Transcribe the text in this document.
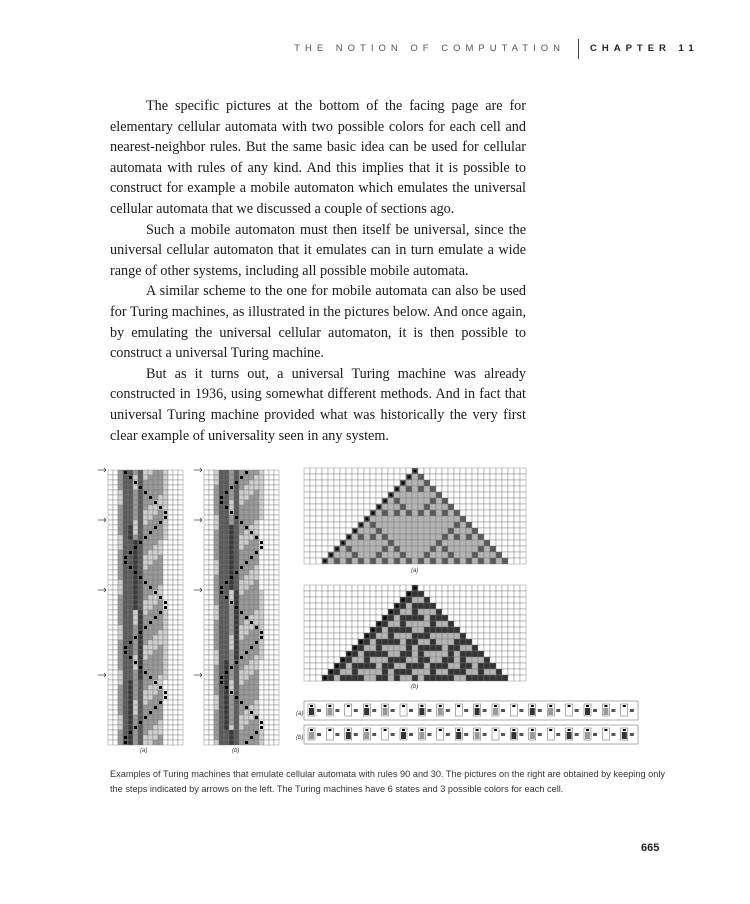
THE NOTION OF COMPUTATION	CHAPTER 11

The specific pictures at the bottom of the facing page are for elementary cellular automata with two possible colors for each cell and nearest-neighbor rules. But the same basic idea can be used for cellular automata with rules of any kind. And this implies that it is possible to construct for example a mobile automaton which emulates the universal cellular automata that we discussed a couple of sections ago.

Such a mobile automaton must then itself be universal, since the universal cellular automaton that it emulates can in turn emulate a wide range of other systems, including all possible mobile automata.

A similar scheme to the one for mobile automata can also be used for Turing machines, as illustrated in the pictures below. And once again, by emulating the universal cellular automaton, it is then possible to construct a universal Turing machine.

But as it turns out, a universal Turing machine was already constructed in 1936, using somewhat different methods. And in fact that universal Turing machine provided what was historically the very first clear example of universality seen in any system.

(a)	(b)
(a)
(b)
(a)
(b)
Examples of Turing machines that emulate cellular automata with rules 90 and 30. The pictures on the right are obtained by keeping only the steps indicated by arrows on the left. The Turing machines have 6 states and 3 possible colors for each cell.
665
